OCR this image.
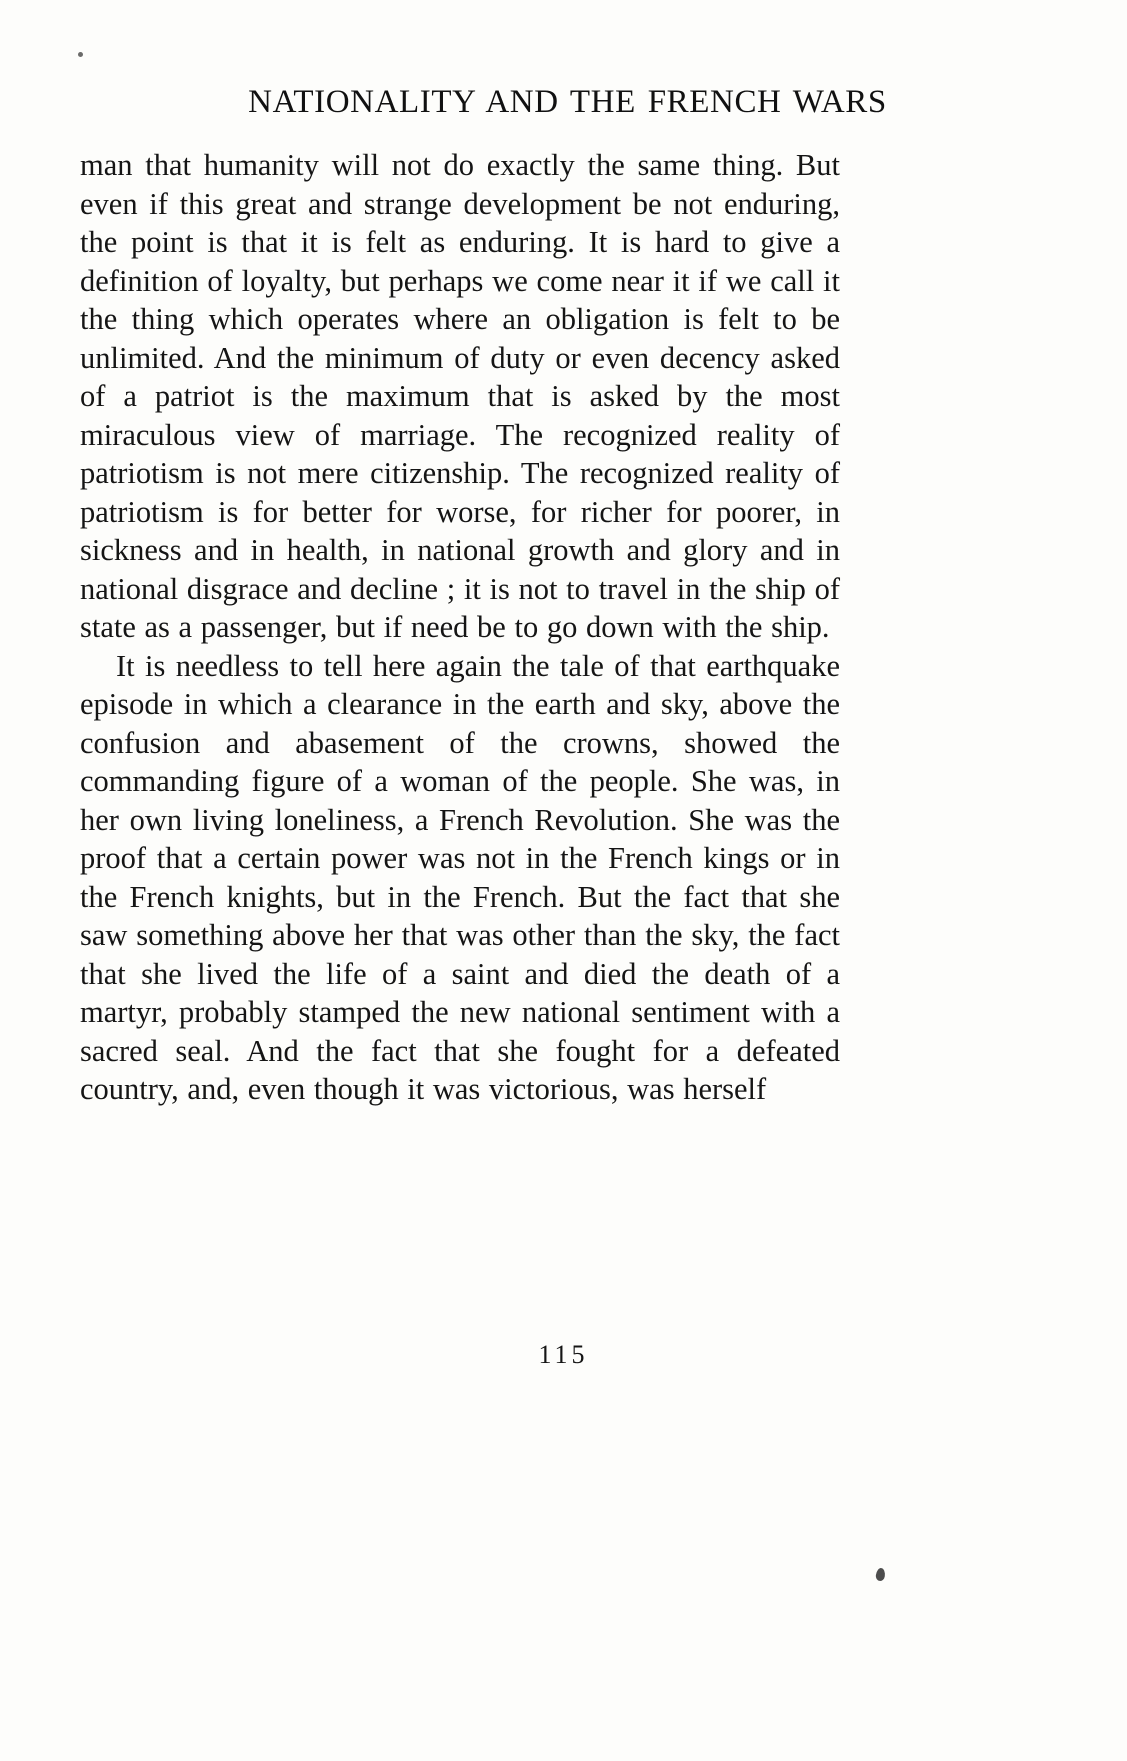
NATIONALITY AND THE FRENCH WARS

man that humanity will not do exactly the same thing. But even if this great and strange development be not enduring, the point is that it is felt as enduring. It is hard to give a definition of loyalty, but perhaps we come near it if we call it the thing which operates where an obligation is felt to be unlimited. And the minimum of duty or even decency asked of a patriot is the maximum that is asked by the most miraculous view of marriage. The recognized reality of patriotism is not mere citizenship. The recognized reality of patriotism is for better for worse, for richer for poorer, in sickness and in health, in national growth and glory and in national disgrace and decline ; it is not to travel in the ship of state as a passenger, but if need be to go down with the ship.

It is needless to tell here again the tale of that earthquake episode in which a clearance in the earth and sky, above the confusion and abasement of the crowns, showed the commanding figure of a woman of the people. She was, in her own living loneliness, a French Revolution. She was the proof that a certain power was not in the French kings or in the French knights, but in the French. But the fact that she saw something above her that was other than the sky, the fact that she lived the life of a saint and died the death of a martyr, probably stamped the new national sentiment with a sacred seal. And the fact that she fought for a defeated country, and, even though it was victorious, was herself

115
